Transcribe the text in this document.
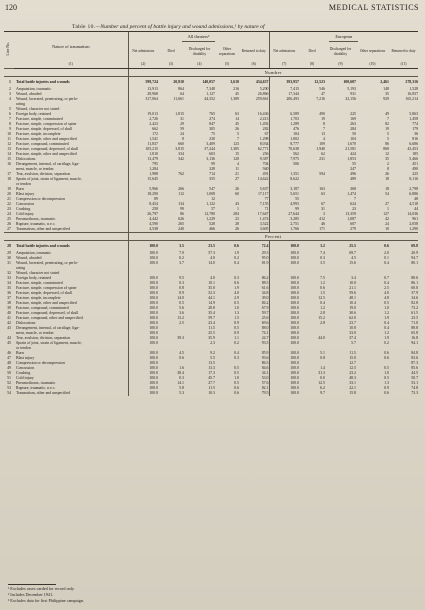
120	MEDICAL STATISTICS
Table 10.—Number and percent of battle injury and wound admissions,¹ by nature of
Line No.	Nature of traumatism	All theaters²					European				
		Net admissions	Died	Discharged for disability	Other separations	Returned to duty	Net admissions	Died	Discharged for disability	Other separations	Returned to duty
	(1)	(2)	(3)	(4)	(5)	(6)	(7)	(8)	(9)	(10)	(11)
		Number									

1	Total battle injuries and wounds	599,724	20,810	140,057	3,610	434,637	393,957	12,523	100,607	2,461	278,316

2	Amputation, traumatic	13,913	864	7,348	216	5,290	7,415	546	5,193	148	1,528
3	Wound, abraded	28,968	64	1,127	45	26,866	17,344	47	931	35	16,837
4	Wound, lacerated, penetrating, or perfo-	317,064	11,661	44,352	1,389	259,661	206,493	7,216	32,156	929	165,214
	rating										
5	Wound, character not stated										
6	Foreign body, retained	19,013	1,815	765	63	16,436	6,589	490	225	49	5,863
7	Fracture, simple, comminuted	2,726	31	274	14	2,413	1,703	19	169	7	1,458
8	Fracture, simple, compression of spine	2,423	29	847	45	1,492	1,289	8	263	82	774
9	Fracture, simple, depressed, of skull	662	59	305	26	282	476	7	284	19	179
10	Fracture, simple, incomplete	172	24	75	5	67	104	13	50	5	36
11	Fracture, simple, other and unspecified	1,541	8	230	7	1,298	1,002	4	104	5	816
12	Fracture, compound, comminuted	11,837	660	3,409	123	8,034	8,777	109	1,670	86	6,686
13	Fracture, compound, depressed, of skull	105,215	3,815	37,244	1,385	62,771	70,638	1,940	21,581	868	43,453
14	Fracture, simple, other and unspecified	1,810	334	603	15	256	562	62	424	12	185
15	Dislocations	13,479	342	3,136	120	9,387	7,975	231	1,853	35	5,466
16	Derangement, internal, of cartilage, liga-	795		99	4	704	506		55	2	451
	ment, muscle, or tendon	1,284		328	11	940			247	8	490
17	Tear, avulsion, division, separation	1,988	762	714	21	491	1,351	594	496	26	225
18	Sprain of joint, strain of ligament, muscle,	15,645		355	27	14,622	8,622		489	18	8,116
	or tendon										
19	Burn	5,966	266	547	26	5,637	3,187	163	368	18	2,798
20	Blast injury	18,290	112	1,008	60	17,117	5,651	63	1,474	54	6,886
21	Compression or decompression	89		12		77	55		7		48
22	Concussion	8,454	134	1,122	43	7,155	4,993	67	624	27	4,518
23	Crushing	258	99	57	1	71	99	31	23	1	44
24	Cold injury	26,797	86	12,780	284	17,647	27,644	3	13,359	127	14,036
25	Pneumothorax, traumatic	4,442	626	1,229	23	1,474	3,285	412	1,087	42	961
26	Rupture, traumatic, n.e.c.	4,590	265	528	28	3,522	2,751	46	607	24	2,058
27	Traumatism, other and unspecified	4,538	240	466	26	3,605	1,766	171	279	10	1,290
		Percent									

28	Total battle injuries and wounds	100.0	3.5	23.5	0.6	72.4	100.0	3.2	25.5	0.6	69.8

29	Amputation, traumatic	100.0	7.0	57.3	1.9	29.3	100.0	7.4	69.7	2.0	20.9
30	Wound, abraded	100.0	0.2	4.0	0.2	95.0	100.0	0.3	4.5	0.1	94.7
31	Wound, lacerated, penetrating, or perfo-	100.0	3.7	14.0	0.4	81.9	100.0	3.5	15.6	0.4	80.1
	rating										
32	Wound, character not stated										
33	Foreign body, retained	100.0	9.5	4.0	0.3	86.2	100.0	7.5	3.4	0.7	88.6
34	Fracture, simple, comminuted	100.0	0.3	10.1	0.6	88.5	100.0	1.2	10.0	0.4	86.1
35	Fracture, simple, compression of spine	100.0	0.8	35.0	1.9	61.6	100.0	0.6	21.1	2.5	60.0
36	Fracture, simple, depressed, of skull	100.0	8.9	52.3	4.0	34.8	100.0	1.5	59.6	4.0	37.9
37	Fracture, simple, incomplete	100.0	14.0	44.1	2.9	39.0	100.0	12.5	48.1	4.8	34.6
38	Fracture, simple, other and unspecified	100.0	0.5	14.9	0.5	84.2	100.0	0.4	10.4	0.5	82.8
39	Fracture, compound, comminuted	100.0	5.6	28.8	1.0	67.9	100.0	1.2	19.0	1.0	73.2
40	Fracture, compound, depressed, of skull	100.0	3.6	35.4	1.3	59.7	100.0	2.8	30.6	1.2	61.5
41	Fracture, compound, other and unspecified	100.0	13.2	59.7	1.5	25.6	100.0	15.2	62.0	1.9	23.5
42	Dislocations	100.0	2.5	23.4	0.9	69.6	100.0	2.8	23.7	0.4	71.0
43	Derangement, internal, of cartilage, liga-	100.0		11.5	0.5	88.0	100.0		10.8	0.4	88.8
	ment, muscle, or tendon	100.0		25.5	0.9	74.1	100.0		33.0	1.2	65.8
44	Tear, avulsion, division, separation	100.0	39.3	35.9	1.1	24.7	100.0	44.0	37.4	1.9	16.8
45	Sprain of joint, strain of ligament, muscle,	100.0		2.3	0.2	93.5	100.0		5.7	0.2	94.1
	or tendon										
46	Burn	100.0	4.5	9.2	0.4	85.9	100.0	5.1	11.5	0.6	84.8
47	Blast injury	100.0	0.6	5.5	0.3	93.6	100.0	0.8	15.0	0.6	83.6
48	Compression or decompression	100.0		13.5		86.5	100.0		12.7		87.3
49	Concussion	100.0	1.6	13.3	0.5	84.6	100.0	1.4	12.5	0.5	85.6
50	Crushing	100.0	38.4	17.3	0.5	34.1	100.0	31.3	23.2	1.0	44.5
51	Cold injury	100.0	0.3	45.7	1.0	53.0	100.0	0.0	48.3	0.5	50.7
52	Pneumothorax, traumatic	100.0	14.1	27.7	0.5	57.6	100.0	12.5	33.1	1.3	53.1
53	Rupture, traumatic, n.e.c.	100.0	5.8	11.5	0.6	82.1	100.0	6.2	22.1	0.9	74.8
54	Traumatism, other and unspecified	100.0	5.3	10.3	0.6	79.5	100.0	9.7	15.8	0.6	73.3
¹ Excludes cases carded for record only.
² Includes December 1941.
³ Excludes data for first Philippine campaign.
